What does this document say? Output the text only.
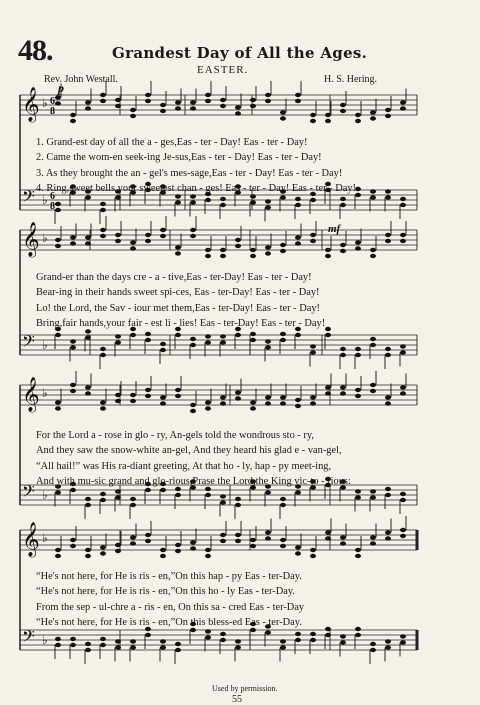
𝄞 ♭
𝄢 ♭
𝄞 ♭
𝄢 ♭
𝄞 ♭
𝄢 ♭
𝄞 ♭
𝄢 ♭
p
mf
6
8
6
8
48.	Grandest Day of All the Ages.
EASTER.
Rev. John Westall.	H. S. Hering.
1. Grand-est day of all the a - ges,Eas - ter - Day! Eas - ter - Day!
2. Came the wom-en seek-ing Je-sus,Eas - ter - Day! Eas - ter - Day!
3. As they brought the an - gel's mes-sage,Eas - ter - Day! Eas - ter - Day!
4. Ring,sweet bells,your sweetest chan - ges! Eas - ter - Day! Eas - ter - Day!
Grand-er than the days cre - a - tive,Eas - ter-Day! Eas - ter - Day!
Bear-ing in their hands sweet spi-ces, Eas - ter-Day! Eas - ter - Day!
Lo! the Lord, the Sav - iour met them,Eas - ter-Day! Eas - ter - Day!
Bring,fair hands,your fair - est li - lies! Eas - ter-Day! Eas - ter - Day!
For the Lord a - rose in glo - ry, An-gels told the wondrous sto - ry,
And they saw the snow-white an-gel, And they heard his glad e - van-gel,
“All hail!” was His ra-diant greeting, At that ho - ly, hap - py meet-ing,
And with mu-sic grand and glo-rious,Prase the Lord,the King vic-to - rious:
“He's not here, for He is ris - en,”On this hap - py Eas - ter-Day.
“He's not here, for He is ris - en,”On this ho - ly Eas - ter-Day.
From the sep - ul-chre a - ris - en, On this sa - cred Eas - ter-Day
“He's not here, for He is ris - en,”On this bless-ed Eas - ter-Day.
Used by permission.
55
